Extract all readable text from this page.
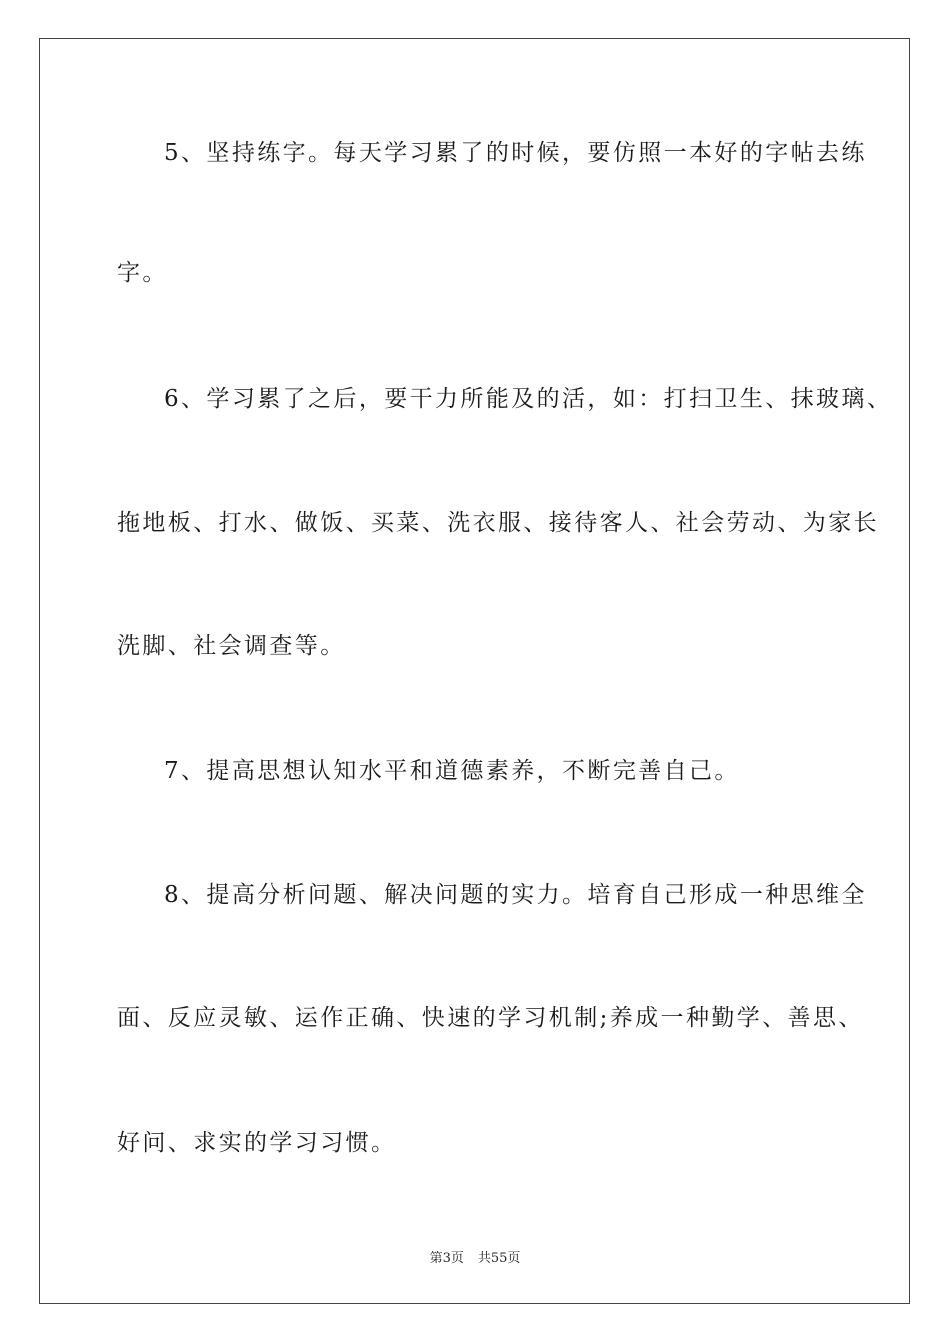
5、坚持练字。每天学习累了的时候，要仿照一本好的字帖去练
字。
6、学习累了之后，要干力所能及的活，如：打扫卫生、抹玻璃、
拖地板、打水、做饭、买菜、洗衣服、接待客人、社会劳动、为家长
洗脚、社会调查等。
7、提高思想认知水平和道德素养，不断完善自己。
8、提高分析问题、解决问题的实力。培育自己形成一种思维全
面、反应灵敏、运作正确、快速的学习机制;养成一种勤学、善思、
好问、求实的学习习惯。
第3页 共55页
